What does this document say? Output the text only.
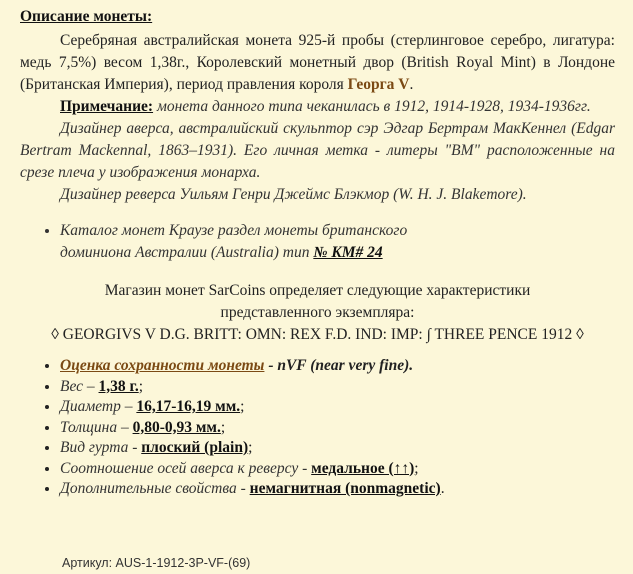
Описание монеты:

Серебряная австралийская монета 925-й пробы (стерлинговое серебро, лигатура: медь 7,5%) весом 1,38г., Королевский монетный двор (British Royal Mint) в Лондоне (Британская Империя), период правления короля Георга V.

Примечание: монета данного типа чеканилась в 1912, 1914-1928, 1934-1936гг.

Дизайнер аверса, австралийский скульптор сэр Эдгар Бертрам МакКеннел (Edgar Bertram Mackennal, 1863–1931). Его личная метка - литеры "BM" расположенные на срезе плеча у изображения монарха.

Дизайнер реверса Уильям Генри Джеймс Блэкмор (W. H. J. Blakemore).

• Каталог монет Краузе раздел монеты британского
доминиона Австралии (Australia) тип № KM# 24
Магазин монет SarCoins определяет следующие характеристики
представленного экземпляра:
◊ GEORGIVS V D.G. BRITT: OMN: REX F.D. IND: IMP: ∫ THREE PENCE 1912 ◊
• Оценка сохранности монеты - nVF (near very fine).
• Вес – 1,38 г.;
• Диаметр – 16,17-16,19 мм.;
• Толщина – 0,80-0,93 мм.;
• Вид гурта - плоский (plain);
• Соотношение осей аверса к реверсу - медальное (↑↑);
• Дополнительные свойства - немагнитная (nonmagnetic).
Артикул: AUS-1-1912-3P-VF-(69)
